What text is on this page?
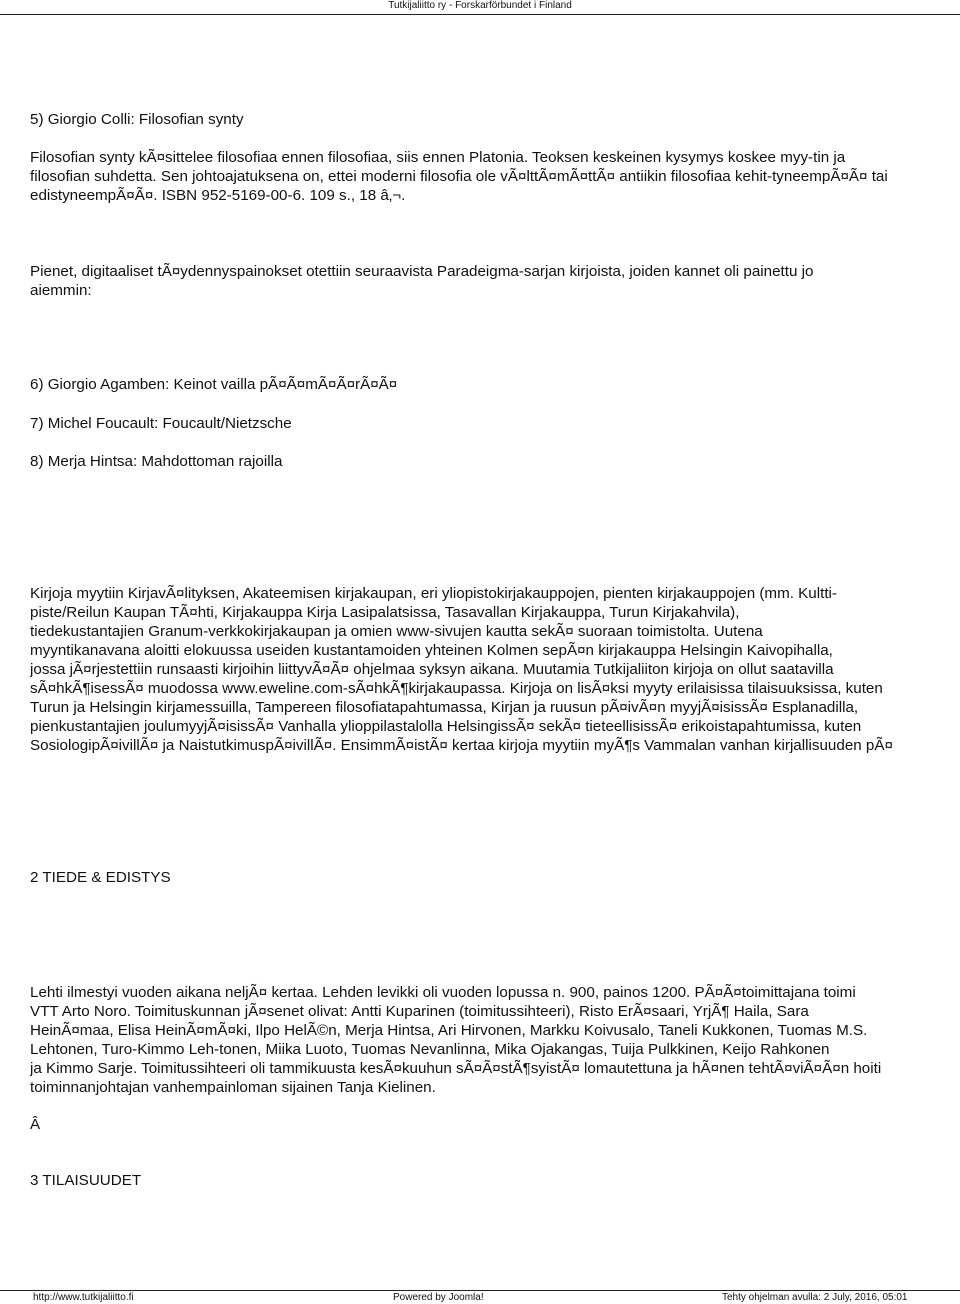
Tutkijaliitto ry - Forskarförbundet i Finland

5) Giorgio Colli: Filosofian synty

Filosofian synty kÃ¤sittelee filosofiaa ennen filosofiaa, siis ennen Platonia. Teoksen keskeinen kysymys koskee myy-tin ja
filosofian suhdetta. Sen johtoajatuksena on, ettei moderni filosofia ole vÃ¤lttÃ¤mÃ¤ttÃ¤ antiikin filosofiaa kehit-tyneempÃ¤Ã¤ tai
edistyneempÃ¤Ã¤. ISBN 952-5169-00-6. 109 s., 18 â‚¬.

Pienet, digitaaliset tÃ¤ydennyspainokset otettiin seuraavista Paradeigma-sarjan kirjoista, joiden kannet oli painettu jo
aiemmin:

6) Giorgio Agamben: Keinot vailla pÃ¤Ã¤mÃ¤Ã¤rÃ¤Ã¤

7) Michel Foucault: Foucault/Nietzsche

8) Merja Hintsa: Mahdottoman rajoilla

Kirjoja myytiin KirjavÃ¤lityksen, Akateemisen kirjakaupan, eri yliopistokirjakauppojen, pienten kirjakauppojen (mm. Kultti-
piste/Reilun Kaupan TÃ¤hti, Kirjakauppa Kirja Lasipalatsissa, Tasavallan Kirjakauppa, Turun Kirjakahvila),
tiedekustantajien Granum-verkkokirjakaupan ja omien www-sivujen kautta sekÃ¤ suoraan toimistolta. Uutena
myyntikanavana aloitti elokuussa useiden kustantamoiden yhteinen Kolmen sepÃ¤n kirjakauppa Helsingin Kaivopihalla,
jossa jÃ¤rjestettiin runsaasti kirjoihin liittyvÃ¤Ã¤ ohjelmaa syksyn aikana. Muutamia Tutkijaliiton kirjoja on ollut saatavilla
sÃ¤hkÃ¶isessÃ¤ muodossa www.eweline.com-sÃ¤hkÃ¶kirjakaupassa. Kirjoja on lisÃ¤ksi myyty erilaisissa tilaisuuksissa, kuten
Turun ja Helsingin kirjamessuilla, Tampereen filosofiatapahtumassa, Kirjan ja ruusun pÃ¤ivÃ¤n myyjÃ¤isissÃ¤ Esplanadilla,
pienkustantajien joulumyyjÃ¤isissÃ¤ Vanhalla ylioppilastalolla HelsingissÃ¤ sekÃ¤ tieteellisissÃ¤ erikoistapahtumissa, kuten
SosiologipÃ¤ivillÃ¤ ja NaistutkimuspÃ¤ivillÃ¤. EnsimmÃ¤istÃ¤ kertaa kirjoja myytiin myÃ¶s Vammalan vanhan kirjallisuuden pÃ¤

2 TIEDE & EDISTYS

Lehti ilmestyi vuoden aikana neljÃ¤ kertaa. Lehden levikki oli vuoden lopussa n. 900, painos 1200. PÃ¤Ã¤toimittajana toimi
VTT Arto Noro. Toimituskunnan jÃ¤senet olivat: Antti Kuparinen (toimitussihteeri), Risto ErÃ¤saari, YrjÃ¶ Haila, Sara
HeinÃ¤maa, Elisa HeinÃ¤mÃ¤ki, Ilpo HelÃ©n, Merja Hintsa, Ari Hirvonen, Markku Koivusalo, Taneli Kukkonen, Tuomas M.S.
Lehtonen, Turo-Kimmo Leh-tonen, Miika Luoto, Tuomas Nevanlinna, Mika Ojakangas, Tuija Pulkkinen, Keijo Rahkonen
ja Kimmo Sarje. Toimitussihteeri oli tammikuusta kesÃ¤kuuhun sÃ¤Ã¤stÃ¶syistÃ¤ lomautettuna ja hÃ¤nen tehtÃ¤viÃ¤Ã¤n hoiti
toiminnanjohtajan vanhempainloman sijainen Tanja Kielinen.

Â

3 TILAISUUDET

http://www.tutkijaliitto.fi	Powered by Joomla!	Tehty ohjelman avulla: 2 July, 2016, 05:01
